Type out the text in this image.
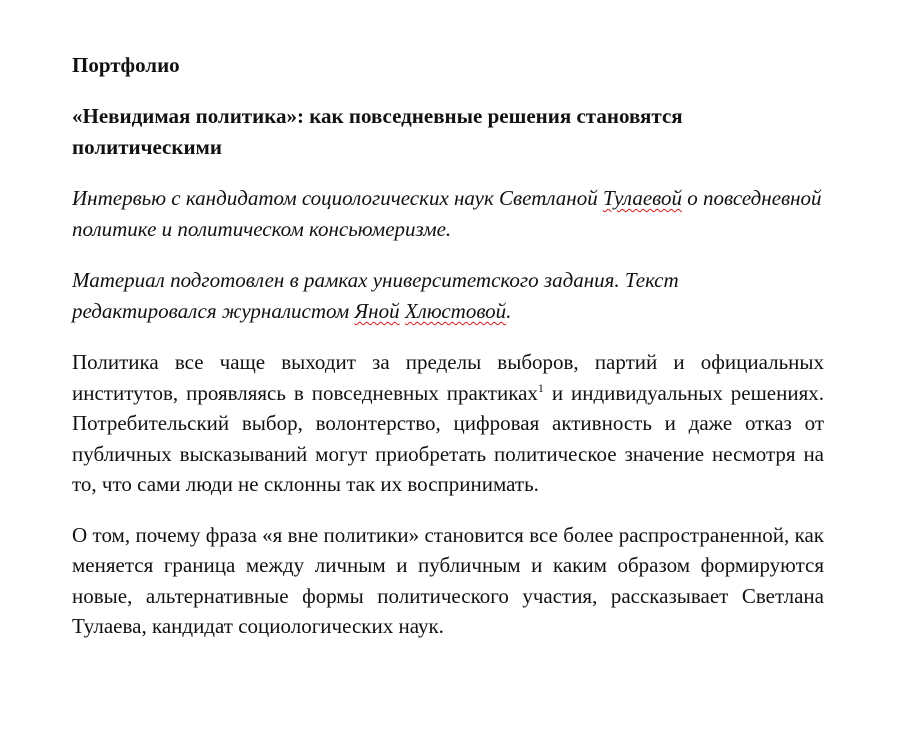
Портфолио

«Невидимая политика»: как повседневные решения становятся политическими

Интервью с кандидатом социологических наук Светланой Тулаевой о повседневной политике и политическом консьюмеризме.

Материал подготовлен в рамках университетского задания. Текст редактировался журналистом Яной Хлюстовой.

Политика все чаще выходит за пределы выборов, партий и официальных институтов, проявляясь в повседневных практиках$^1$ и индивидуальных решениях. Потребительский выбор, волонтерство, цифровая активность и даже отказ от публичных высказываний могут приобретать политическое значение несмотря на то, что сами люди не склонны так их воспринимать.

О том, почему фраза «я вне политики» становится все более распространенной, как меняется граница между личным и публичным и каким образом формируются новые, альтернативные формы политического участия, рассказывает Светлана Тулаева, кандидат социологических наук.
